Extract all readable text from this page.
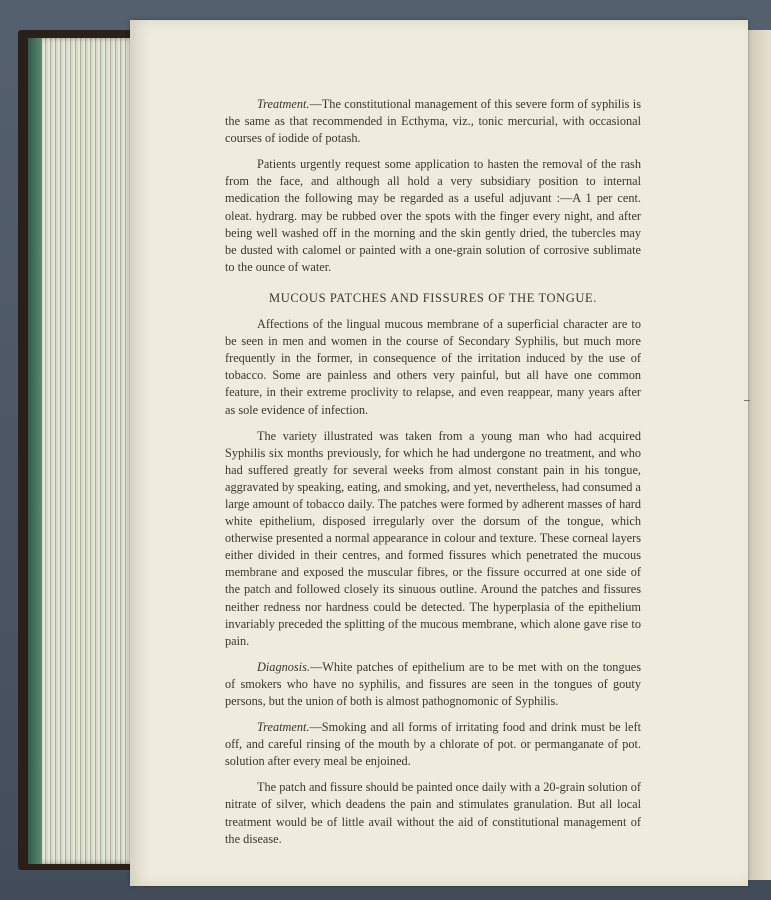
Treatment.—The constitutional management of this severe form of syphilis is the same as that recommended in Ecthyma, viz., tonic mercurial, with occasional courses of iodide of potash.

Patients urgently request some application to hasten the removal of the rash from the face, and although all hold a very subsidiary position to internal medication the following may be regarded as a useful adjuvant :—A 1 per cent. oleat. hydrarg. may be rubbed over the spots with the finger every night, and after being well washed off in the morning and the skin gently dried, the tubercles may be dusted with calomel or painted with a one-grain solution of corrosive sublimate to the ounce of water.

MUCOUS PATCHES AND FISSURES OF THE TONGUE.

Affections of the lingual mucous membrane of a superficial character are to be seen in men and women in the course of Secondary Syphilis, but much more frequently in the former, in consequence of the irritation induced by the use of tobacco. Some are painless and others very painful, but all have one common feature, in their extreme proclivity to relapse, and even reappear, many years after as sole evidence of infection.

The variety illustrated was taken from a young man who had acquired Syphilis six months previously, for which he had undergone no treatment, and who had suffered greatly for several weeks from almost constant pain in his tongue, aggravated by speaking, eating, and smoking, and yet, nevertheless, had consumed a large amount of tobacco daily. The patches were formed by adherent masses of hard white epithelium, disposed irregularly over the dorsum of the tongue, which otherwise presented a normal appearance in colour and texture. These corneal layers either divided in their centres, and formed fissures which penetrated the mucous membrane and exposed the muscular fibres, or the fissure occurred at one side of the patch and followed closely its sinuous outline. Around the patches and fissures neither redness nor hardness could be detected. The hyperplasia of the epithelium invariably preceded the splitting of the mucous membrane, which alone gave rise to pain.

Diagnosis.—White patches of epithelium are to be met with on the tongues of smokers who have no syphilis, and fissures are seen in the tongues of gouty persons, but the union of both is almost pathognomonic of Syphilis.

Treatment.—Smoking and all forms of irritating food and drink must be left off, and careful rinsing of the mouth by a chlorate of pot. or permanganate of pot. solution after every meal be enjoined.

The patch and fissure should be painted once daily with a 20-grain solution of nitrate of silver, which deadens the pain and stimulates granulation. But all local treatment would be of little avail without the aid of constitutional management of the disease.
